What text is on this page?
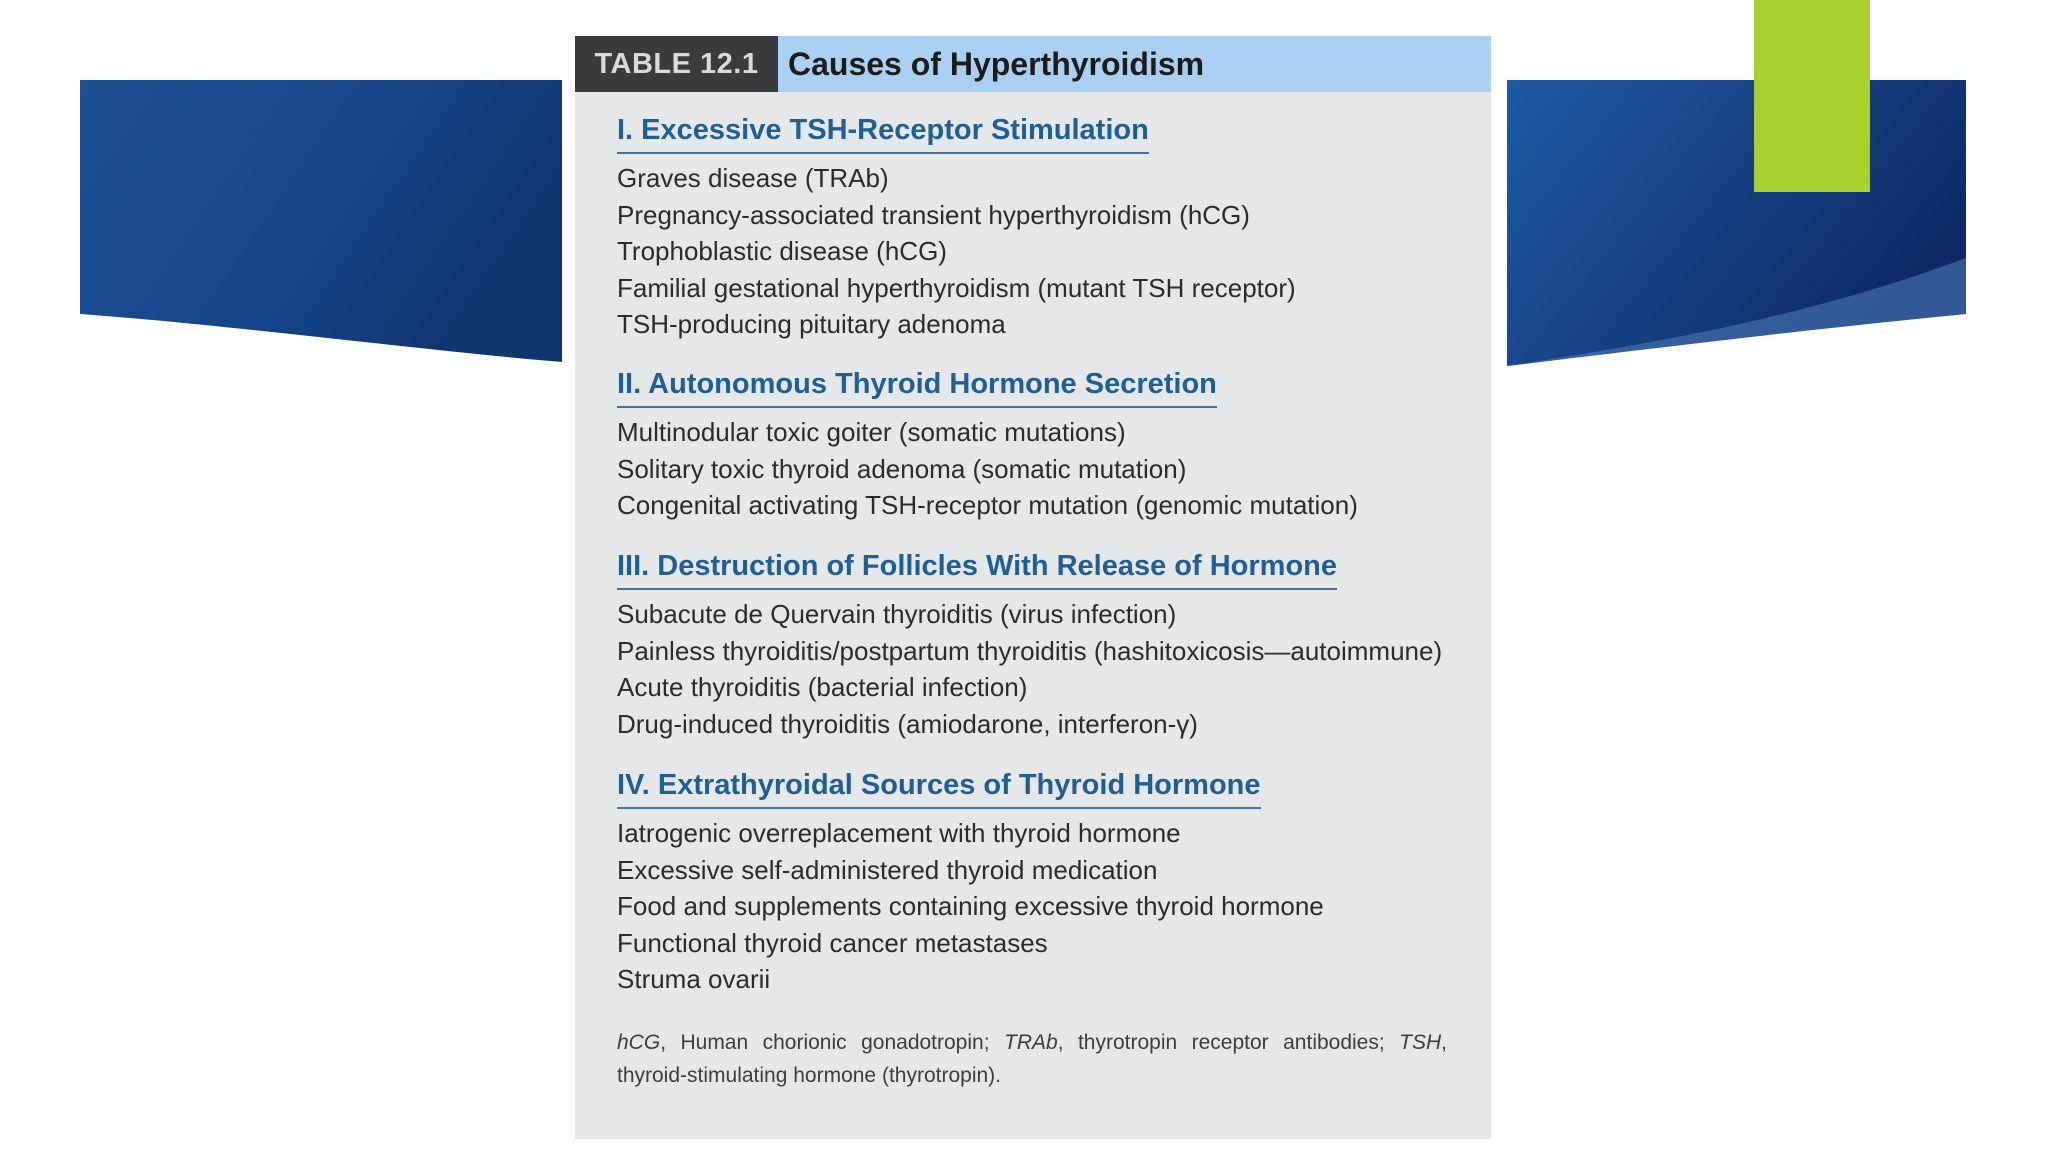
TABLE 12.1 Causes of Hyperthyroidism
I. Excessive TSH-Receptor Stimulation
Graves disease (TRAb)
Pregnancy-associated transient hyperthyroidism (hCG)
Trophoblastic disease (hCG)
Familial gestational hyperthyroidism (mutant TSH receptor)
TSH-producing pituitary adenoma
II. Autonomous Thyroid Hormone Secretion
Multinodular toxic goiter (somatic mutations)
Solitary toxic thyroid adenoma (somatic mutation)
Congenital activating TSH-receptor mutation (genomic mutation)
III. Destruction of Follicles With Release of Hormone
Subacute de Quervain thyroiditis (virus infection)
Painless thyroiditis/postpartum thyroiditis (hashitoxicosis—autoimmune)
Acute thyroiditis (bacterial infection)
Drug-induced thyroiditis (amiodarone, interferon-γ)
IV. Extrathyroidal Sources of Thyroid Hormone
Iatrogenic overreplacement with thyroid hormone
Excessive self-administered thyroid medication
Food and supplements containing excessive thyroid hormone
Functional thyroid cancer metastases
Struma ovarii
hCG, Human chorionic gonadotropin; TRAb, thyrotropin receptor antibodies; TSH, thyroid-stimulating hormone (thyrotropin).
